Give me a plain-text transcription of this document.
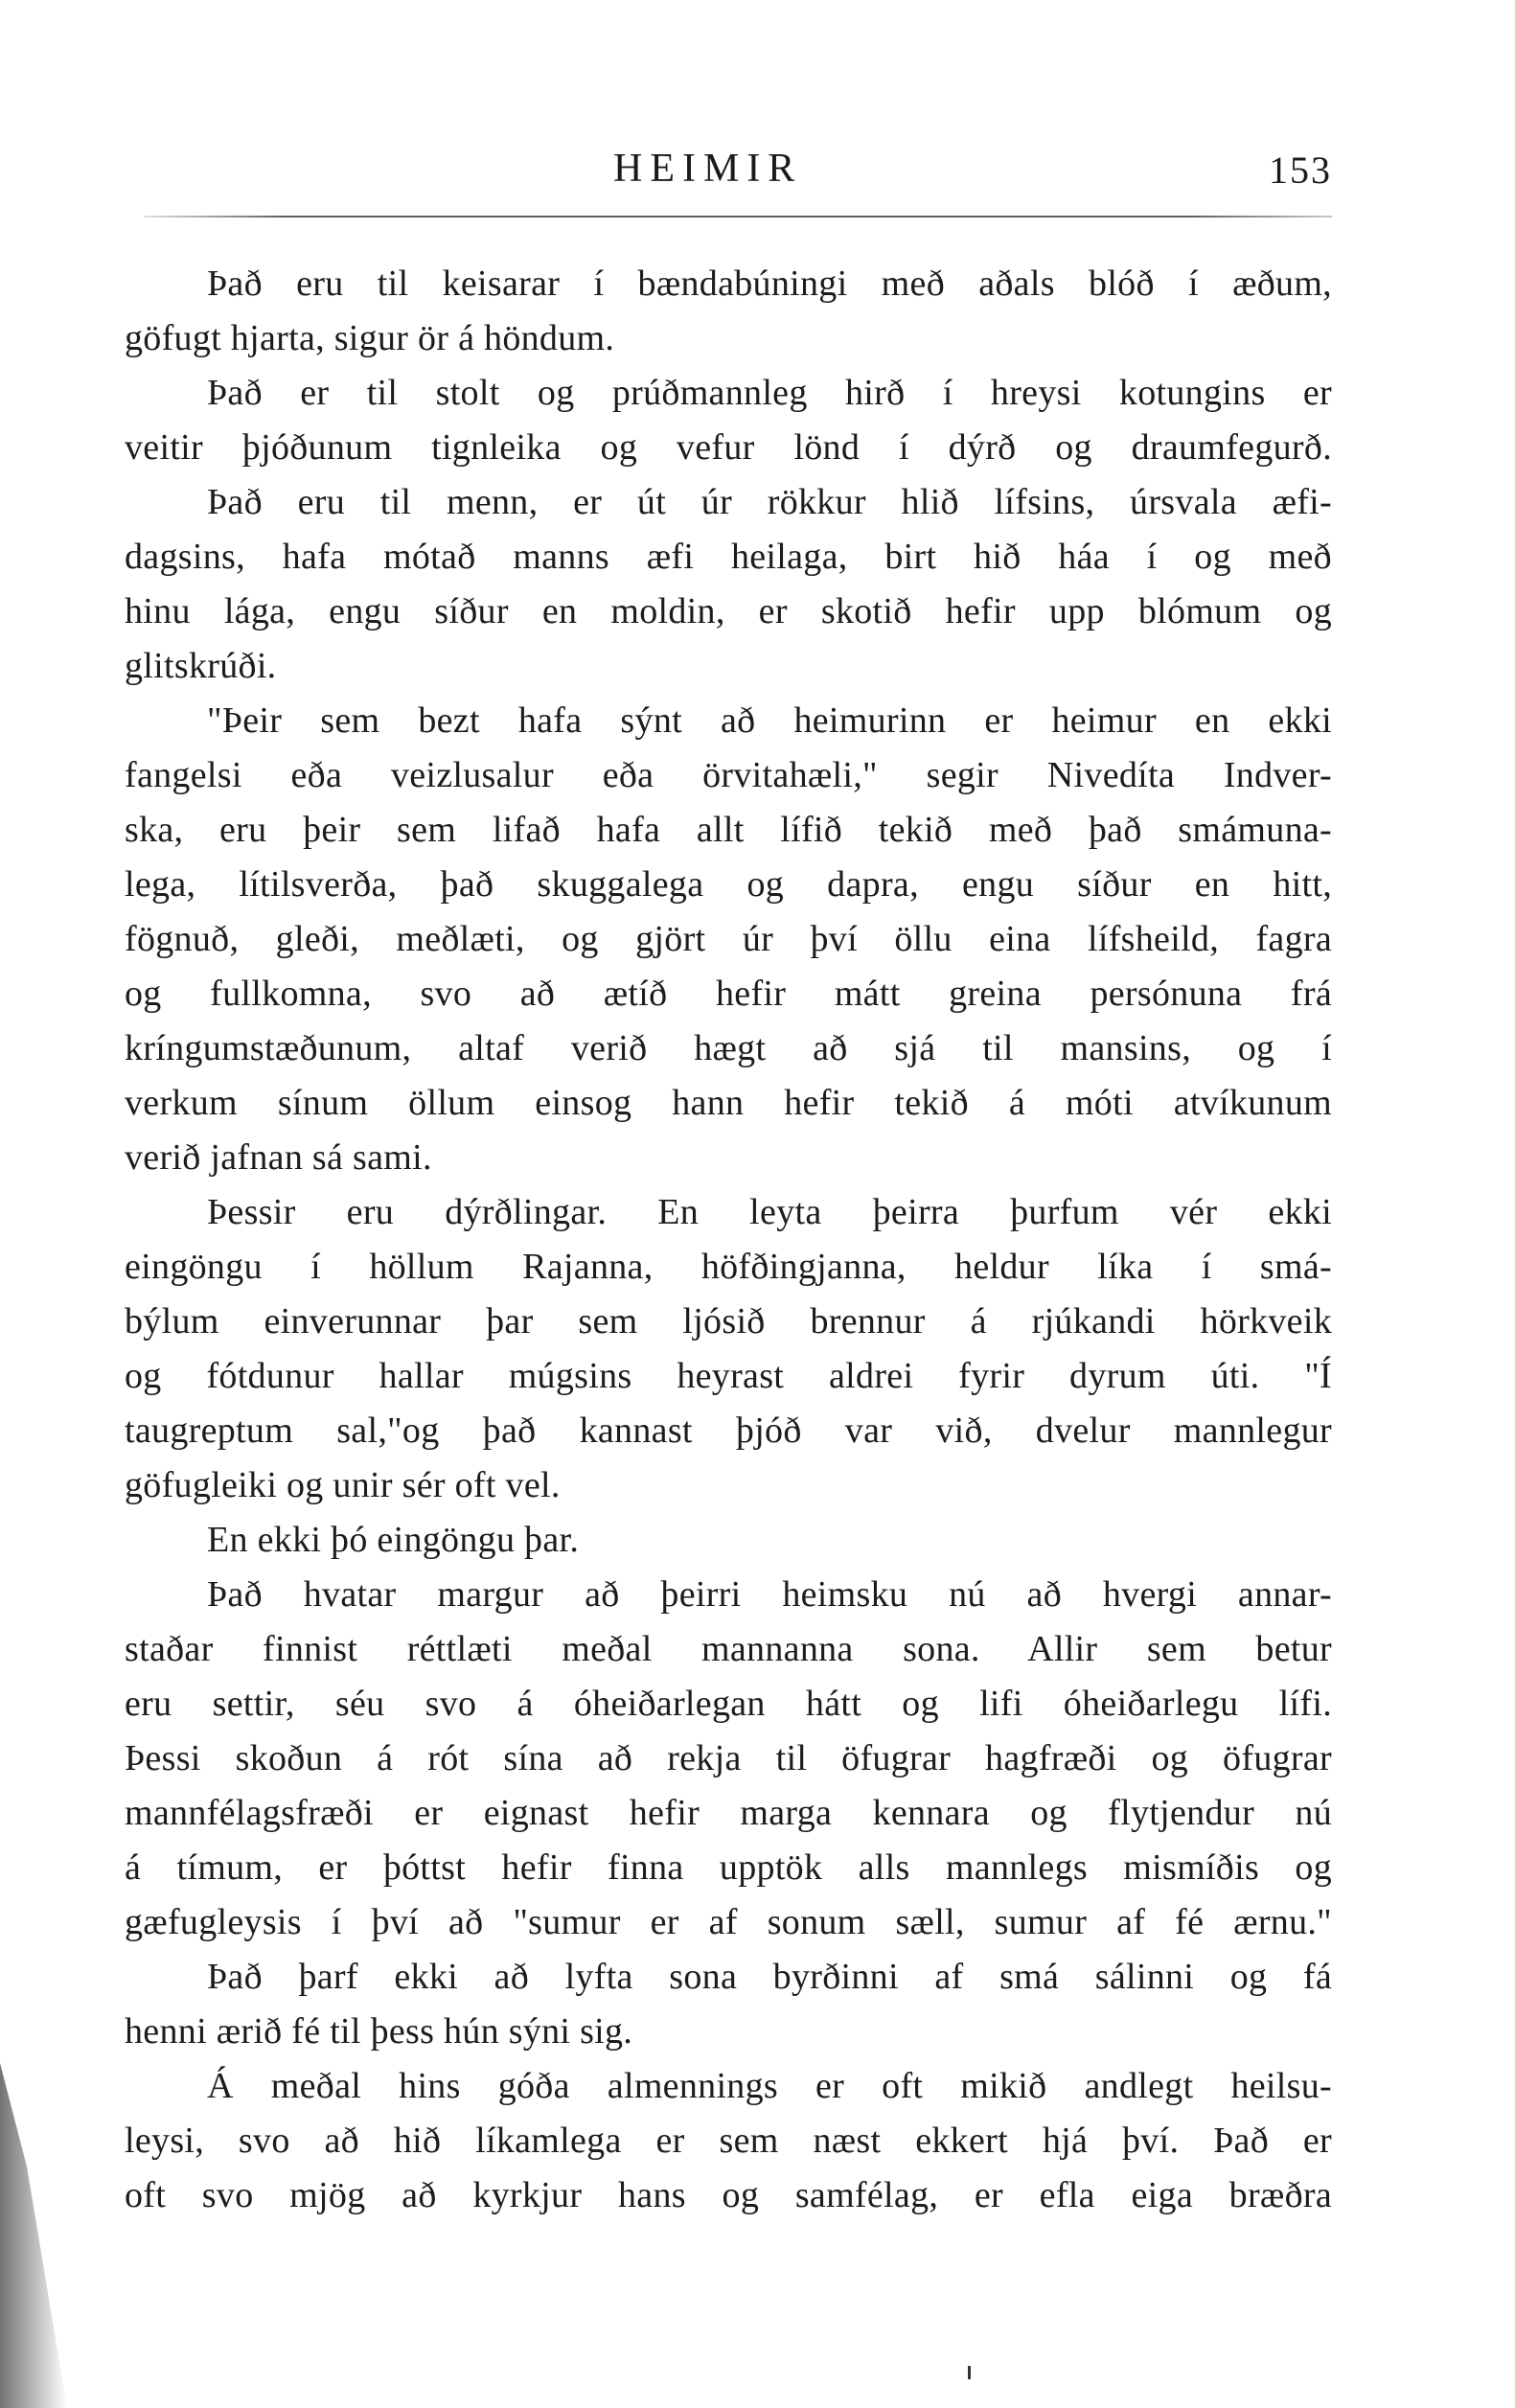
HEIMIR	153
Það eru til keisarar í bændabúningi með aðals blóð í æðum,
göfugt hjarta, sigur ör á höndum.
Það er til stolt og prúðmannleg hirð í hreysi kotungins er
veitir þjóðunum tignleika og vefur lönd í dýrð og draumfegurð.
Það eru til menn, er út úr rökkur hlið lífsins, úrsvala æfi-
dagsins, hafa mótað manns æfi heilaga, birt hið háa í og með
hinu lága, engu síður en moldin, er skotið hefir upp blómum og
glitskrúði.
"Þeir sem bezt hafa sýnt að heimurinn er heimur en ekki
fangelsi eða veizlusalur eða örvitahæli," segir Nivedíta Indver-
ska, eru þeir sem lifað hafa allt lífið tekið með það smámuna-
lega, lítilsverða, það skuggalega og dapra, engu síður en hitt,
fögnuð, gleði, meðlæti, og gjört úr því öllu eina lífsheild, fagra
og fullkomna, svo að ætíð hefir mátt greina persónuna frá
kríngumstæðunum, altaf verið hægt að sjá til mansins, og í
verkum sínum öllum einsog hann hefir tekið á móti atvíkunum
verið jafnan sá sami.
Þessir eru dýrðlingar. En leyta þeirra þurfum vér ekki
eingöngu í höllum Rajanna, höfðingjanna, heldur líka í smá-
býlum einverunnar þar sem ljósið brennur á rjúkandi hörkveik
og fótdunur hallar múgsins heyrast aldrei fyrir dyrum úti. "Í
taugreptum sal,"og það kannast þjóð var við, dvelur mannlegur
göfugleiki og unir sér oft vel.
En ekki þó eingöngu þar.
Það hvatar margur að þeirri heimsku nú að hvergi annar-
staðar finnist réttlæti meðal mannanna sona. Allir sem betur
eru settir, séu svo á óheiðarlegan hátt og lifi óheiðarlegu lífi.
Þessi skoðun á rót sína að rekja til öfugrar hagfræði og öfugrar
mannfélagsfræði er eignast hefir marga kennara og flytjendur nú
á tímum, er þóttst hefir finna upptök alls mannlegs mismíðis og
gæfugleysis í því að "sumur er af sonum sæll, sumur af fé ærnu."
Það þarf ekki að lyfta sona byrðinni af smá sálinni og fá
henni ærið fé til þess hún sýni sig.
Á meðal hins góða almennings er oft mikið andlegt heilsu-
leysi, svo að hið líkamlega er sem næst ekkert hjá því. Það er
oft svo mjög að kyrkjur hans og samfélag, er efla eiga bræðra
